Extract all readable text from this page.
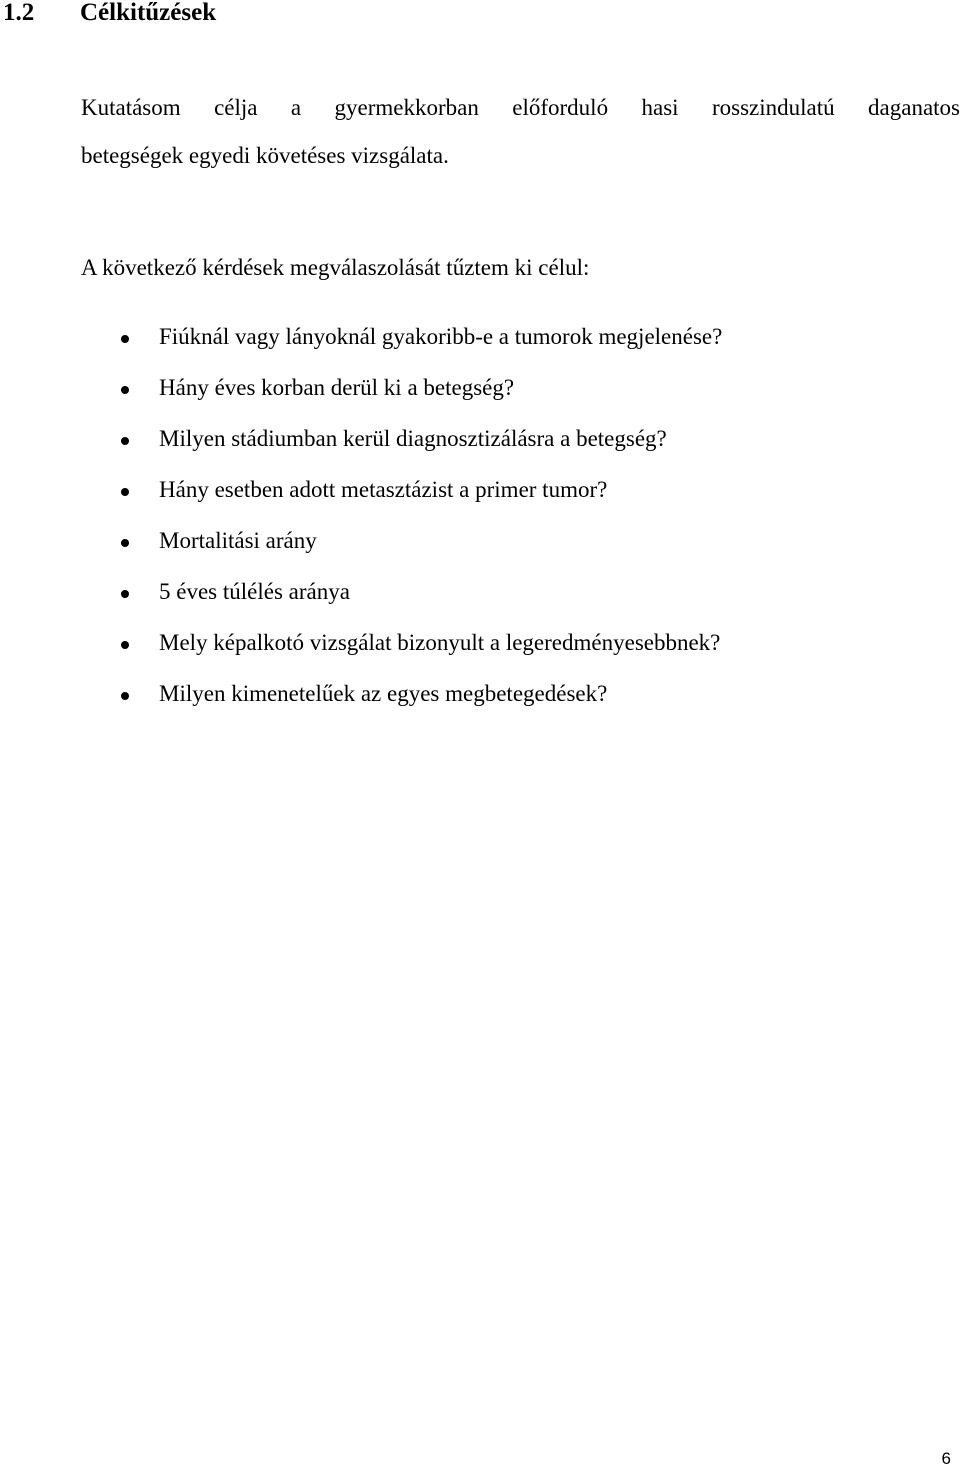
1.2 Célkitűzések
Kutatásom célja a gyermekkorban előforduló hasi rosszindulatú daganatos
betegségek egyedi követéses vizsgálata.
A következő kérdések megválaszolását tűztem ki célul:
Fiúknál vagy lányoknál gyakoribb-e a tumorok megjelenése?
Hány éves korban derül ki a betegség?
Milyen stádiumban kerül diagnosztizálásra a betegség?
Hány esetben adott metasztázist a primer tumor?
Mortalitási arány
5 éves túlélés aránya
Mely képalkotó vizsgálat bizonyult a legeredményesebbnek?
Milyen kimenetelűek az egyes megbetegedések?
6
